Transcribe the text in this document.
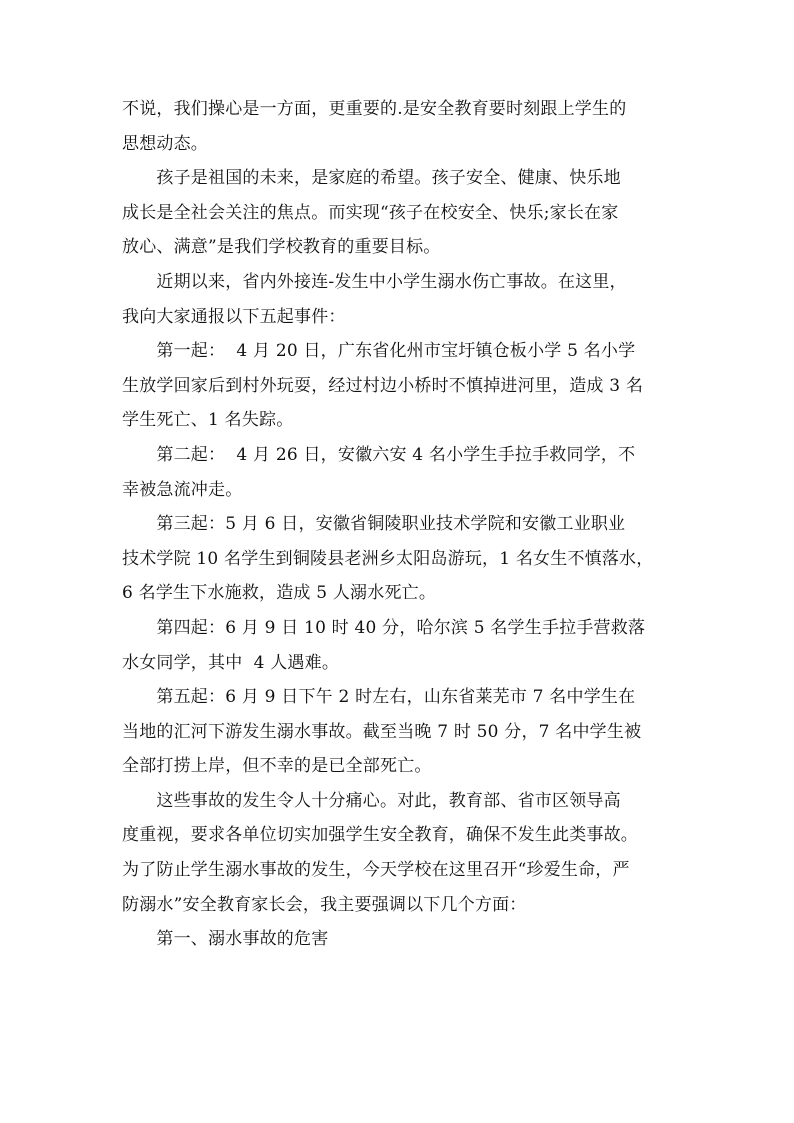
不说，我们操心是一方面，更重要的.是安全教育要时刻跟上学生的
思想动态。
　　孩子是祖国的未来，是家庭的希望。孩子安全、健康、快乐地
成长是全社会关注的焦点。而实现“孩子在校安全、快乐;家长在家
放心、满意”是我们学校教育的重要目标。
　　近期以来，省内外接连-发生中小学生溺水伤亡事故。在这里，
我向大家通报以下五起事件：
　　第一起：  4 月 20 日，广东省化州市宝圩镇仓板小学 5 名小学
生放学回家后到村外玩耍，经过村边小桥时不慎掉进河里，造成 3 名
学生死亡、1 名失踪。
　　第二起：  4 月 26 日，安徽六安 4 名小学生手拉手救同学，不
幸被急流冲走。
　　第三起：5 月 6 日，安徽省铜陵职业技术学院和安徽工业职业
技术学院 10 名学生到铜陵县老洲乡太阳岛游玩，1 名女生不慎落水，
6 名学生下水施救，造成 5 人溺水死亡。
　　第四起：6 月 9 日 10 时 40 分，哈尔滨 5 名学生手拉手营救落
水女同学，其中  4 人遇难。
　　第五起：6 月 9 日下午 2 时左右，山东省莱芜市 7 名中学生在
当地的汇河下游发生溺水事故。截至当晚 7 时 50 分，7 名中学生被
全部打捞上岸，但不幸的是已全部死亡。
　　这些事故的发生令人十分痛心。对此，教育部、省市区领导高
度重视，要求各单位切实加强学生安全教育，确保不发生此类事故。
为了防止学生溺水事故的发生，今天学校在这里召开“珍爱生命，严
防溺水”安全教育家长会，我主要强调以下几个方面：
　　第一、溺水事故的危害
